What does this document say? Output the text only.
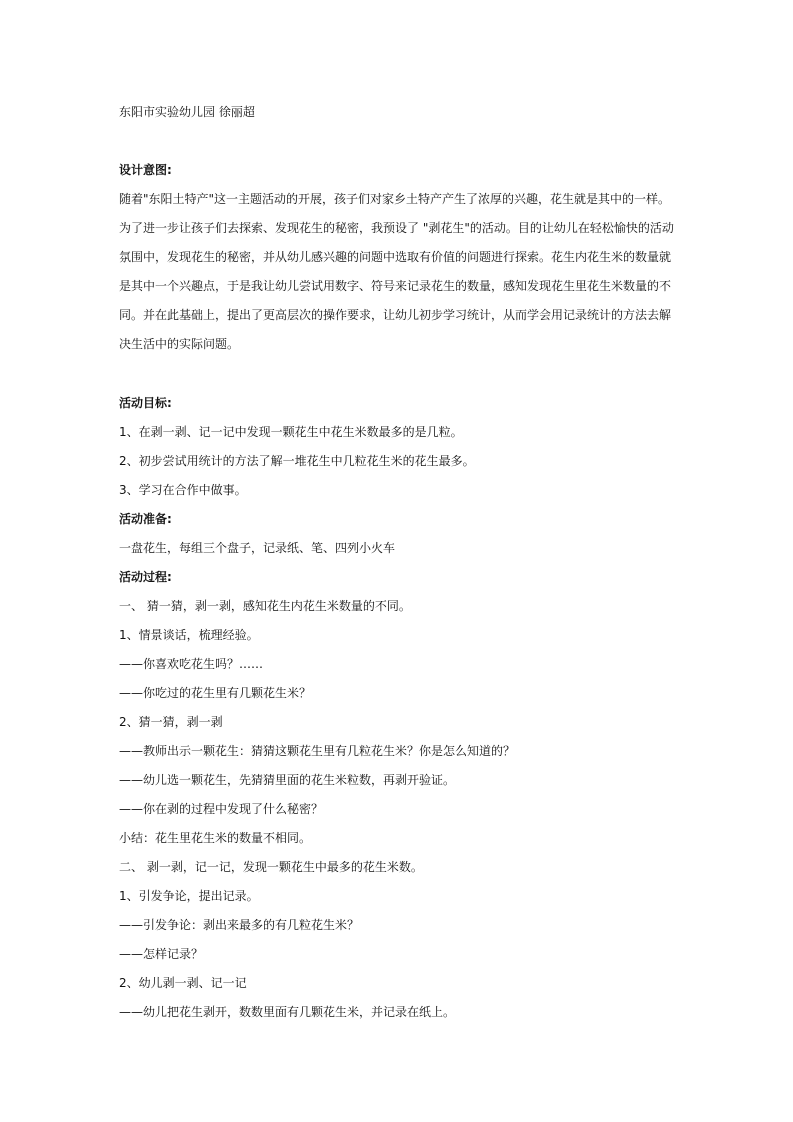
东阳市实验幼儿园 徐丽超
设计意图:
随着"东阳土特产"这一主题活动的开展，孩子们对家乡土特产产生了浓厚的兴趣，花生就是其中的一样。
为了进一步让孩子们去探索、发现花生的秘密，我预设了 "剥花生"的活动。目的让幼儿在轻松愉快的活动
氛围中，发现花生的秘密，并从幼儿感兴趣的问题中选取有价值的问题进行探索。花生内花生米的数量就
是其中一个兴趣点，于是我让幼儿尝试用数字、符号来记录花生的数量，感知发现花生里花生米数量的不
同。并在此基础上，提出了更高层次的操作要求，让幼儿初步学习统计，从而学会用记录统计的方法去解
决生活中的实际问题。
活动目标:
1、在剥一剥、记一记中发现一颗花生中花生米数最多的是几粒。
2、初步尝试用统计的方法了解一堆花生中几粒花生米的花生最多。
3、学习在合作中做事。
活动准备:
一盘花生，每组三个盘子，记录纸、笔、四列小火车
活动过程:
一、 猜一猜，剥一剥，感知花生内花生米数量的不同。
1、情景谈话，梳理经验。
——你喜欢吃花生吗？……
——你吃过的花生里有几颗花生米？
2、猜一猜，剥一剥
——教师出示一颗花生：猜猜这颗花生里有几粒花生米？你是怎么知道的？
——幼儿选一颗花生，先猜猜里面的花生米粒数，再剥开验证。
——你在剥的过程中发现了什么秘密？
小结：花生里花生米的数量不相同。
二、 剥一剥，记一记，发现一颗花生中最多的花生米数。
1、引发争论，提出记录。
——引发争论：剥出来最多的有几粒花生米？
——怎样记录？
2、幼儿剥一剥、记一记
——幼儿把花生剥开，数数里面有几颗花生米，并记录在纸上。
